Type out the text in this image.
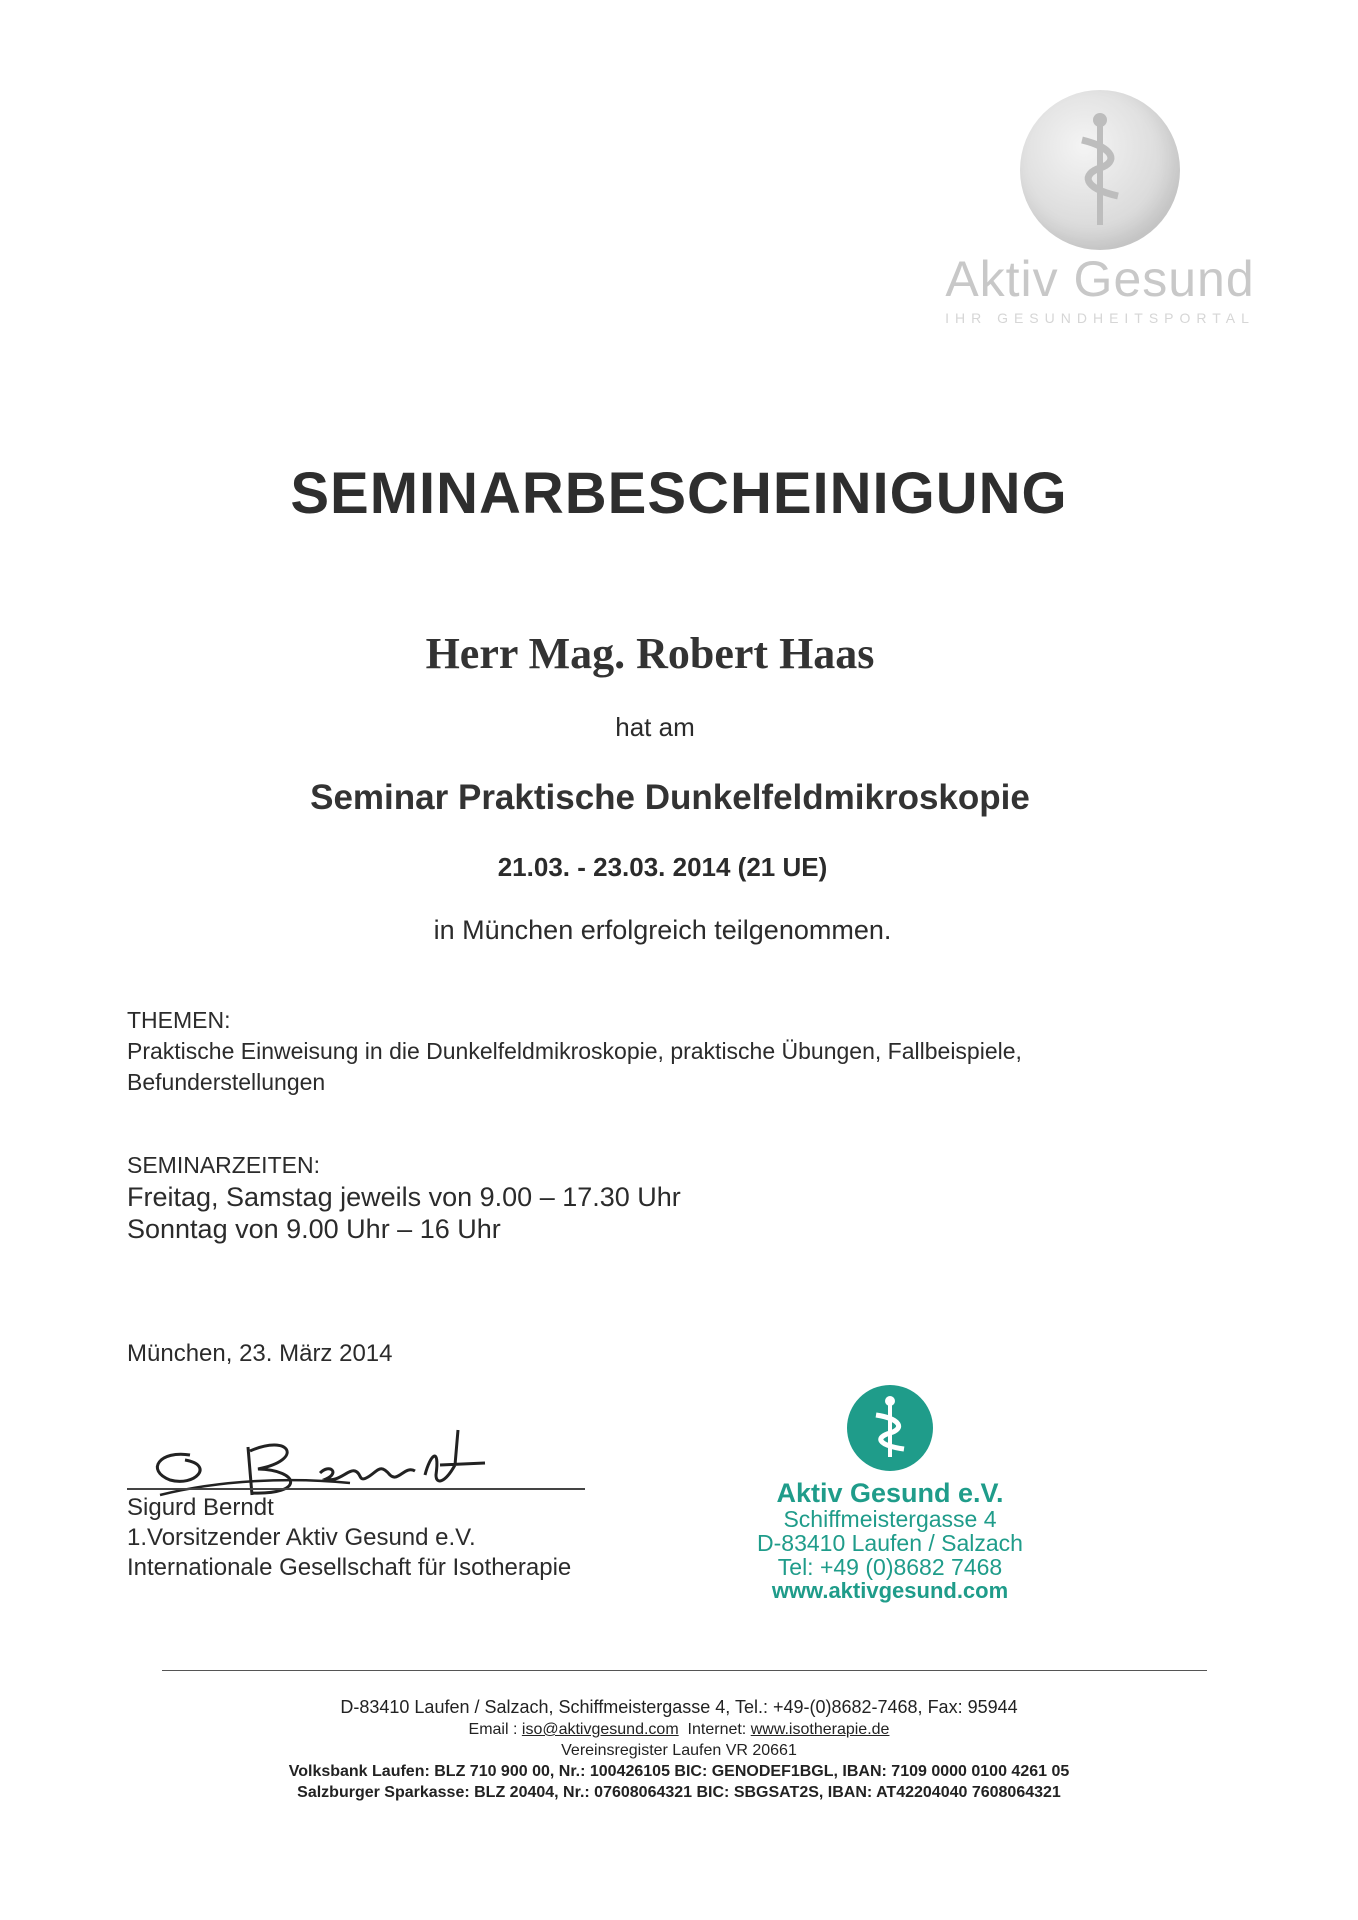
Aktiv Gesund
IHR GESUNDHEITSPORTAL
SEMINARBESCHEINIGUNG
Herr Mag. Robert Haas
hat am
Seminar Praktische Dunkelfeldmikroskopie
21.03. - 23.03. 2014 (21 UE)
in München erfolgreich teilgenommen.
THEMEN:
Praktische Einweisung in die Dunkelfeldmikroskopie, praktische Übungen, Fallbeispiele,
Befunderstellungen
SEMINARZEITEN:
Freitag, Samstag jeweils von 9.00 – 17.30 Uhr
Sonntag von 9.00 Uhr – 16 Uhr
München, 23. März 2014
Sigurd Berndt
1.Vorsitzender Aktiv Gesund e.V.
Internationale Gesellschaft für Isotherapie
Aktiv Gesund e.V.
Schiffmeistergasse 4
D-83410 Laufen / Salzach
Tel: +49 (0)8682 7468
www.aktivgesund.com
D-83410 Laufen / Salzach, Schiffmeistergasse 4, Tel.: +49-(0)8682-7468, Fax: 95944
Email : iso@aktivgesund.com Internet: www.isotherapie.de
Vereinsregister Laufen VR 20661
Volksbank Laufen: BLZ 710 900 00, Nr.: 100426105 BIC: GENODEF1BGL, IBAN: 7109 0000 0100 4261 05
Salzburger Sparkasse: BLZ 20404, Nr.: 07608064321 BIC: SBGSAT2S, IBAN: AT42204040 7608064321
